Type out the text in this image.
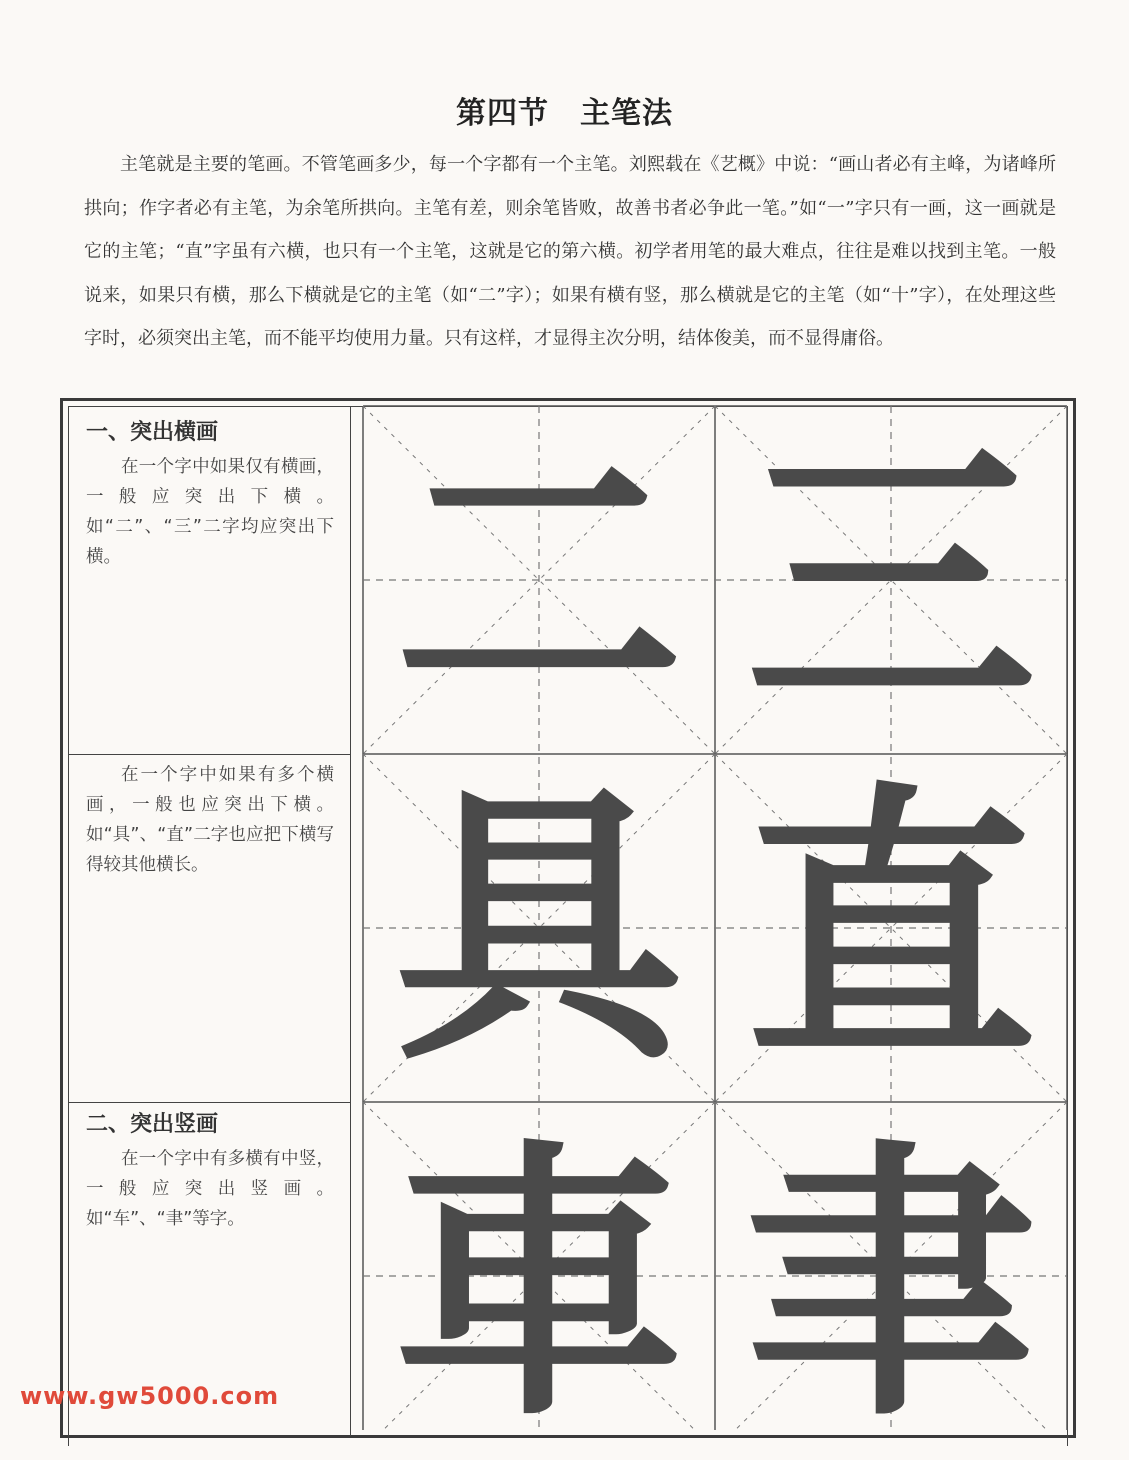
第四节　主笔法

主笔就是主要的笔画。不管笔画多少，每一个字都有一个主笔。刘熙载在《艺概》中说：“画山者必有主峰，为诸峰所拱向；作字者必有主笔，为余笔所拱向。主笔有差，则余笔皆败，故善书者必争此一笔。”如“一”字只有一画，这一画就是它的主笔；“直”字虽有六横，也只有一个主笔，这就是它的第六横。初学者用笔的最大难点，往往是难以找到主笔。一般说来，如果只有横，那么下横就是它的主笔（如“二”字）；如果有横有竖，那么横就是它的主笔（如“十”字），在处理这些字时，必须突出主笔，而不能平均使用力量。只有这样，才显得主次分明，结体俊美，而不显得庸俗。

一、突出横画

在一个字中如果仅有横画，一般应突出下横。如“二”、“三”二字均应突出下横。

在一个字中如果有多个横画，一般也应突出下横。如“具”、“直”二字也应把下横写得较其他横长。

二、突出竖画

在一个字中有多横有中竖，一般应突出竖画。如“车”、“聿”等字。

二 三
具 直
車 聿
www.gw5000.com
